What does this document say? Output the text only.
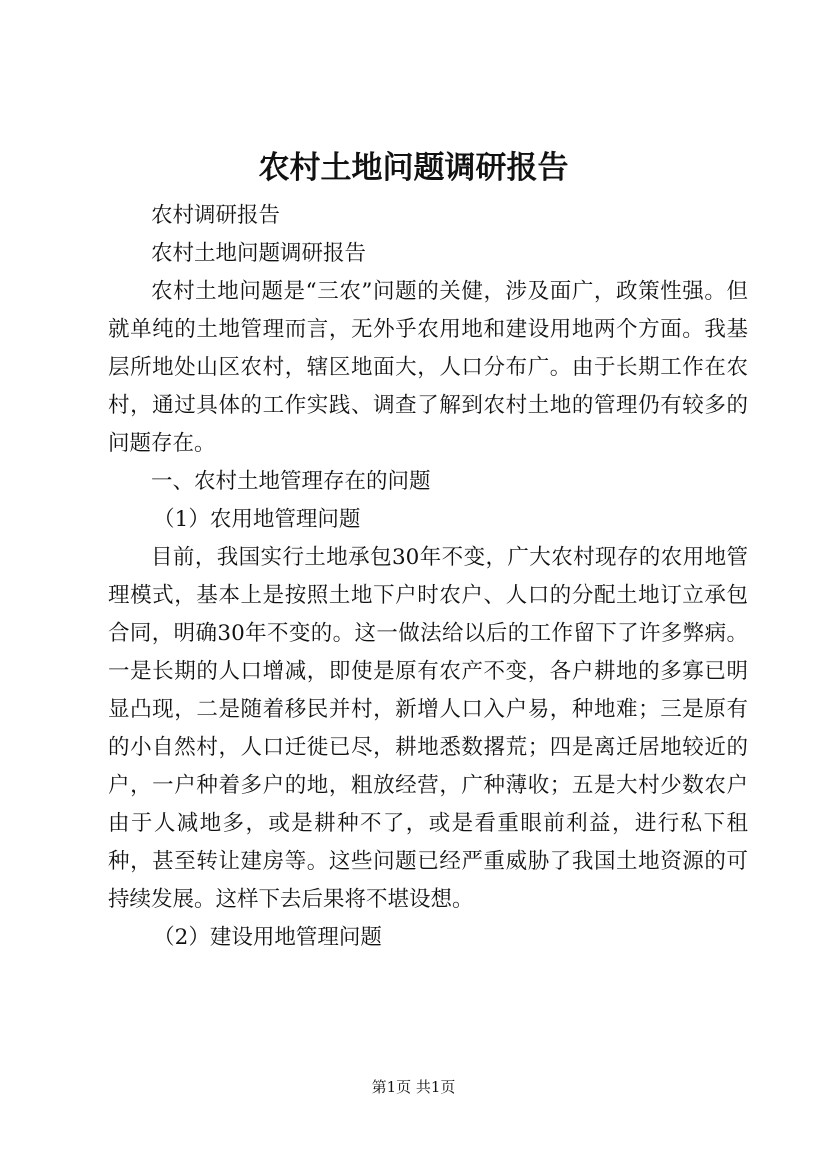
农村土地问题调研报告

农村调研报告

农村土地问题调研报告

农村土地问题是“三农”问题的关健，涉及面广，政策性强。但就单纯的土地管理而言，无外乎农用地和建设用地两个方面。我基层所地处山区农村，辖区地面大，人口分布广。由于长期工作在农村，通过具体的工作实践、调查了解到农村土地的管理仍有较多的问题存在。

一、农村土地管理存在的问题

（1）农用地管理问题

目前，我国实行土地承包30年不变，广大农村现存的农用地管理模式，基本上是按照土地下户时农户、人口的分配土地订立承包合同，明确30年不变的。这一做法给以后的工作留下了许多弊病。一是长期的人口增减，即使是原有农产不变，各户耕地的多寡已明显凸现，二是随着移民并村，新增人口入户易，种地难；三是原有的小自然村，人口迁徙已尽，耕地悉数撂荒；四是离迁居地较近的户，一户种着多户的地，粗放经营，广种薄收；五是大村少数农户由于人减地多，或是耕种不了，或是看重眼前利益，进行私下租种，甚至转让建房等。这些问题已经严重威胁了我国土地资源的可持续发展。这样下去后果将不堪设想。

（2）建设用地管理问题

第1页 共1页
